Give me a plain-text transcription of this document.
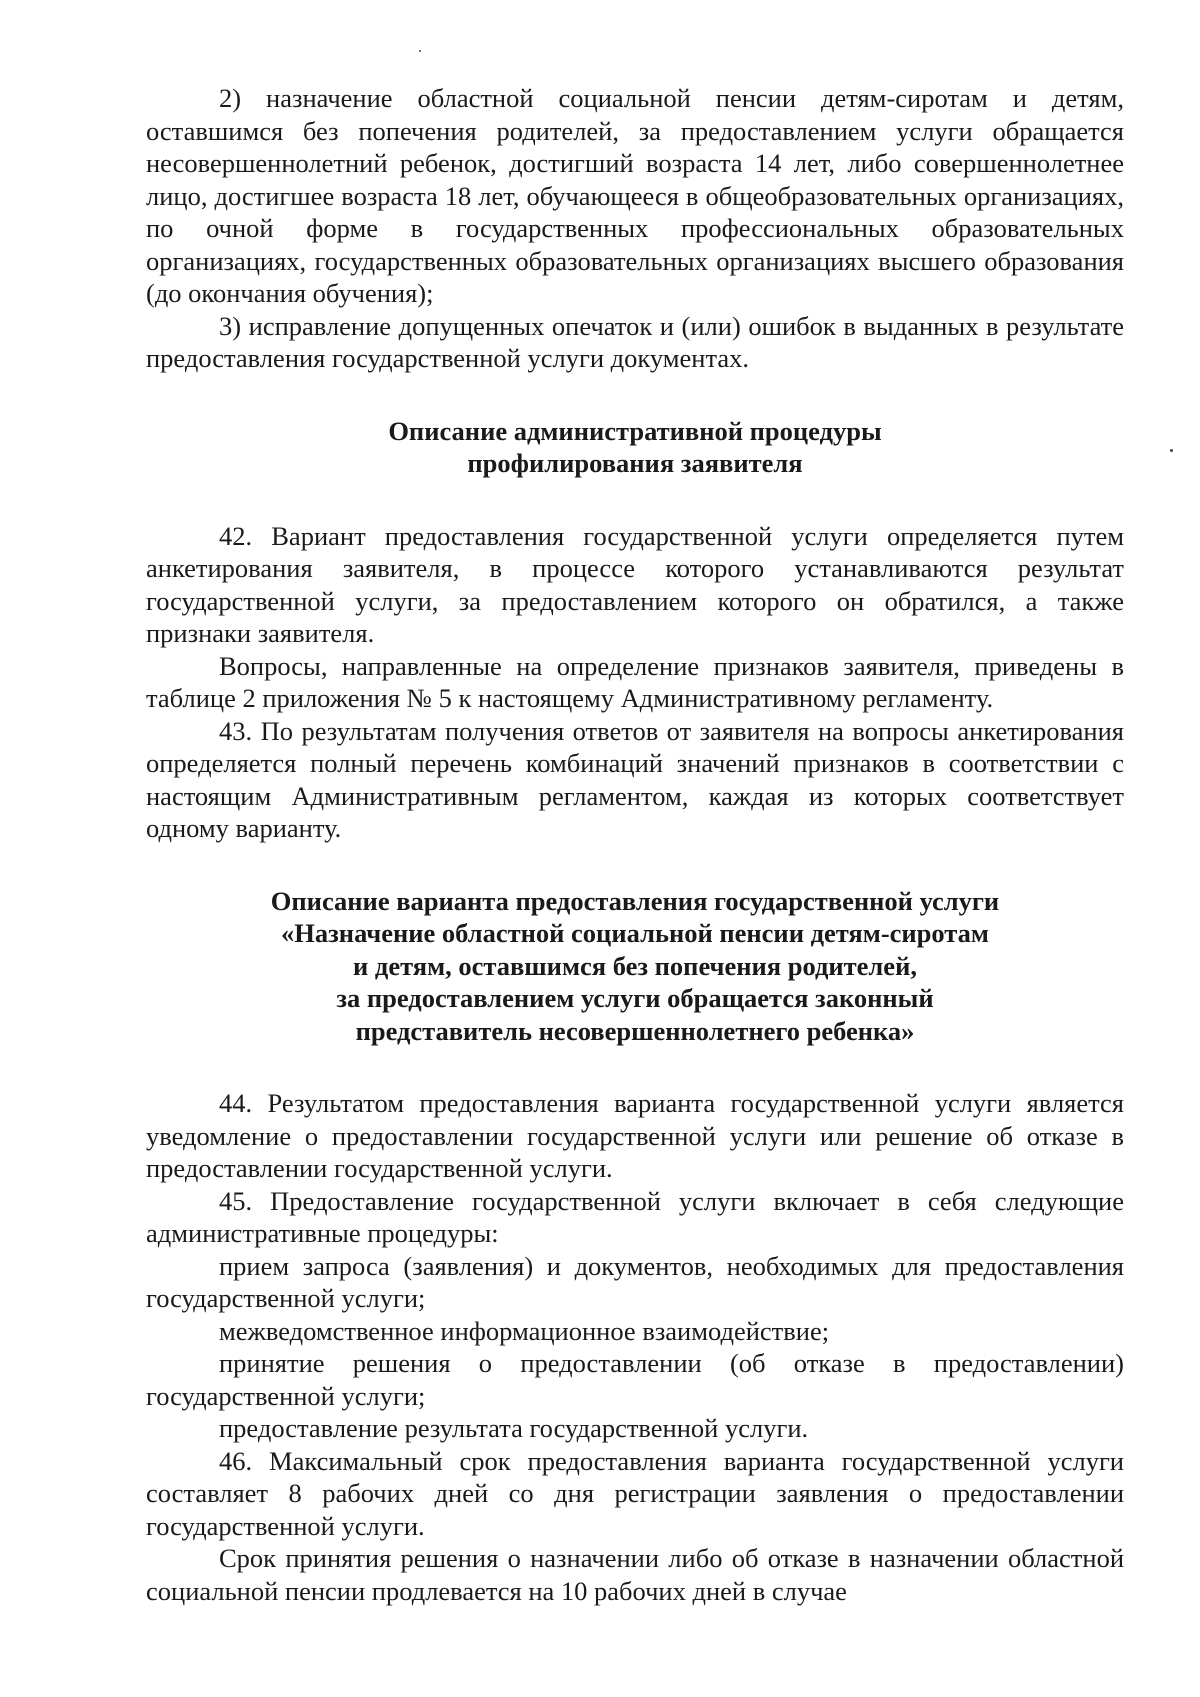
2) назначение областной социальной пенсии детям-сиротам и детям, оставшимся без попечения родителей, за предоставлением услуги обращается несовершеннолетний ребенок, достигший возраста 14 лет, либо совершеннолетнее лицо, достигшее возраста 18 лет, обучающееся в общеобразовательных организациях, по очной форме в государственных профессиональных образовательных организациях, государственных образовательных организациях высшего образования (до окончания обучения);

3) исправление допущенных опечаток и (или) ошибок в выданных в результате предоставления государственной услуги документах.

Описание административной процедуры

профилирования заявителя

42. Вариант предоставления государственной услуги определяется путем анкетирования заявителя, в процессе которого устанавливаются результат государственной услуги, за предоставлением которого он обратился, а также признаки заявителя.

Вопросы, направленные на определение признаков заявителя, приведены в таблице 2 приложения № 5 к настоящему Административному регламенту.

43. По результатам получения ответов от заявителя на вопросы анкетирования определяется полный перечень комбинаций значений признаков в соответствии с настоящим Административным регламентом, каждая из которых соответствует одному варианту.

Описание варианта предоставления государственной услуги

«Назначение областной социальной пенсии детям-сиротам

и детям, оставшимся без попечения родителей,

за предоставлением услуги обращается законный

представитель несовершеннолетнего ребенка»

44. Результатом предоставления варианта государственной услуги является уведомление о предоставлении государственной услуги или решение об отказе в предоставлении государственной услуги.

45. Предоставление государственной услуги включает в себя следующие административные процедуры:

прием запроса (заявления) и документов, необходимых для предоставления государственной услуги;

межведомственное информационное взаимодействие;

принятие решения о предоставлении (об отказе в предоставлении) государственной услуги;

предоставление результата государственной услуги.

46. Максимальный срок предоставления варианта государственной услуги составляет 8 рабочих дней со дня регистрации заявления о предоставлении государственной услуги.

Срок принятия решения о назначении либо об отказе в назначении областной социальной пенсии продлевается на 10 рабочих дней в случае
